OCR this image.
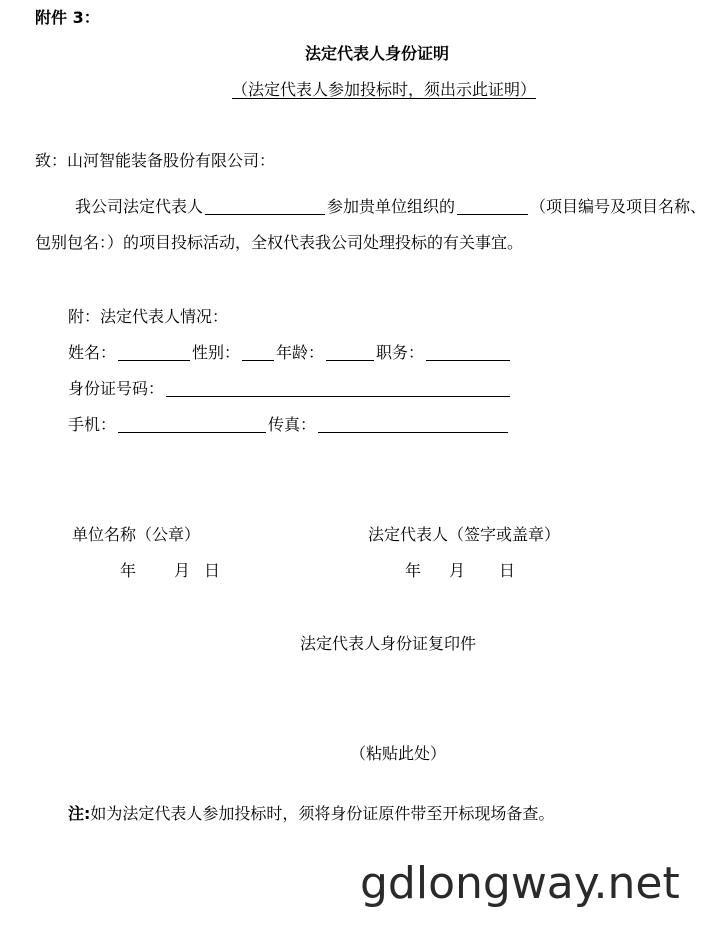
附件 3：
法定代表人身份证明
（法定代表人参加投标时，须出示此证明）
致：山河智能装备股份有限公司：
我公司法定代表人	参加贵单位组织的	（项目编号及项目名称、
包别包名：）的项目投标活动，全权代表我公司处理投标的有关事宜。
附：法定代表人情况：
姓名：	性别： 年龄：	职务：
身份证号码：
手机：	传真：
单位名称（公章）	法定代表人（签字或盖章）
年 月 日	年 月 日
法定代表人身份证复印件
（粘贴此处）
注:如为法定代表人参加投标时，须将身份证原件带至开标现场备查。
gdlongway.net
